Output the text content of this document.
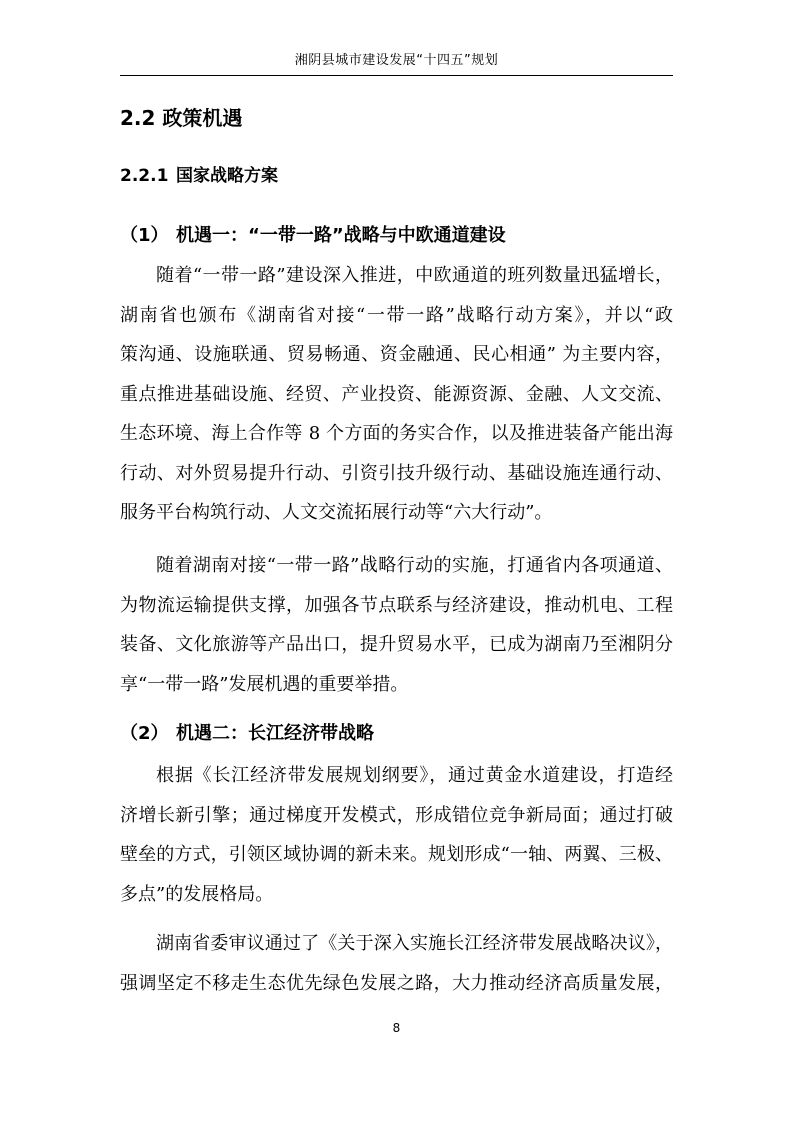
湘阴县城市建设发展“十四五”规划
2.2 政策机遇
2.2.1 国家战略方案
（1） 机遇一：“一带一路”战略与中欧通道建设
随着“一带一路”建设深入推进，中欧通道的班列数量迅猛增长，
湖南省也颁布《湖南省对接“一带一路”战略行动方案》，并以“政
策沟通、设施联通、贸易畅通、资金融通、民心相通” 为主要内容，
重点推进基础设施、经贸、产业投资、能源资源、金融、人文交流、
生态环境、海上合作等 8 个方面的务实合作，以及推进装备产能出海
行动、对外贸易提升行动、引资引技升级行动、基础设施连通行动、
服务平台构筑行动、人文交流拓展行动等“六大行动”。
随着湖南对接“一带一路”战略行动的实施，打通省内各项通道、
为物流运输提供支撑，加强各节点联系与经济建设，推动机电、工程
装备、文化旅游等产品出口，提升贸易水平，已成为湖南乃至湘阴分
享“一带一路”发展机遇的重要举措。
（2） 机遇二：长江经济带战略
根据《长江经济带发展规划纲要》，通过黄金水道建设，打造经
济增长新引擎；通过梯度开发模式，形成错位竞争新局面；通过打破
壁垒的方式，引领区域协调的新未来。规划形成“一轴、两翼、三极、
多点”的发展格局。
湖南省委审议通过了《关于深入实施长江经济带发展战略决议》，
强调坚定不移走生态优先绿色发展之路，大力推动经济高质量发展，
8
